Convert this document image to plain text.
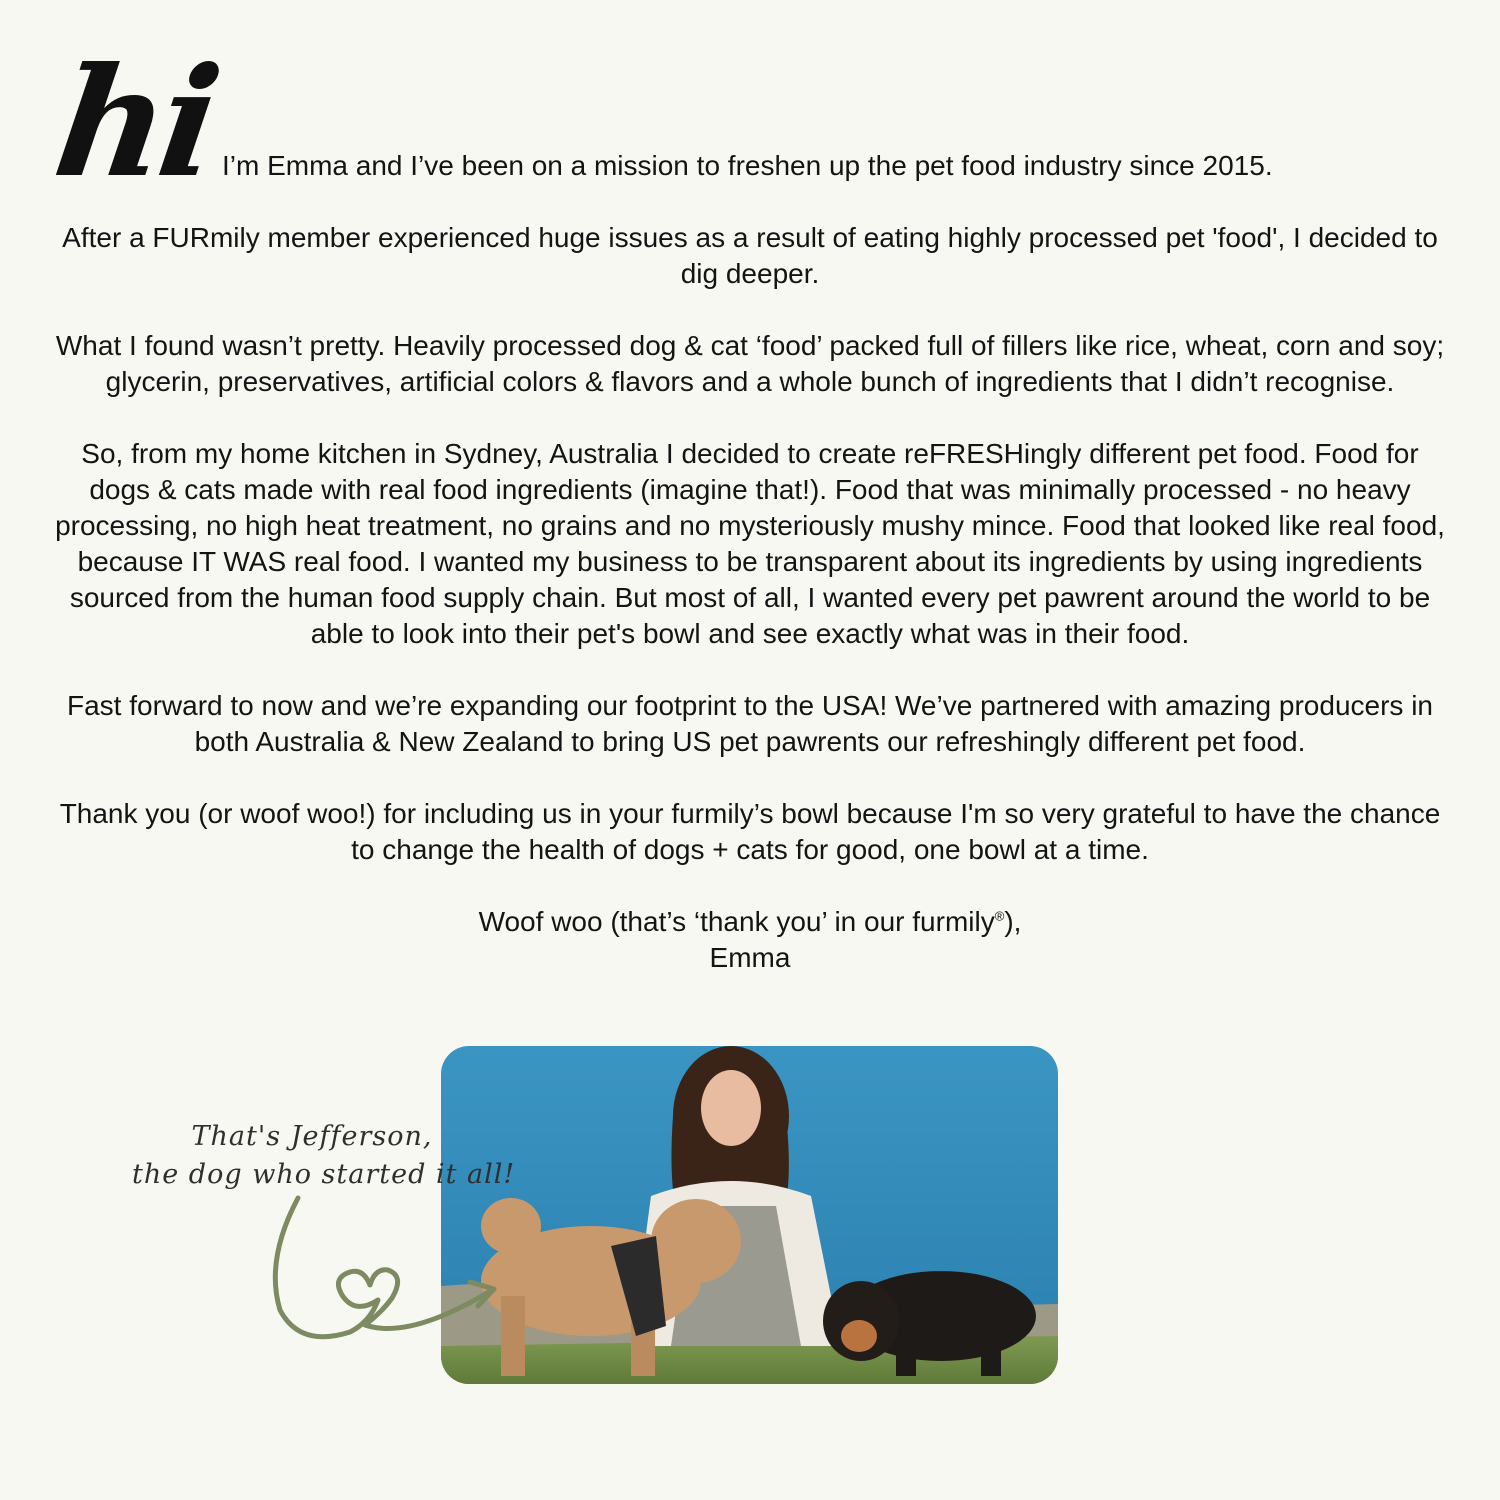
hi
I’m Emma and I’ve been on a mission to freshen up the pet food industry since 2015.

After a FURmily member experienced huge issues as a result of eating highly processed pet 'food', I decided to dig deeper.

What I found wasn’t pretty. Heavily processed dog & cat ‘food’ packed full of fillers like rice, wheat, corn and soy; glycerin, preservatives, artificial colors & flavors and a whole bunch of ingredients that I didn’t recognise.

So, from my home kitchen in Sydney, Australia I decided to create reFRESHingly different pet food. Food for dogs & cats made with real food ingredients (imagine that!). Food that was minimally processed - no heavy processing, no high heat treatment, no grains and no mysteriously mushy mince. Food that looked like real food, because IT WAS real food. I wanted my business to be transparent about its ingredients by using ingredients sourced from the human food supply chain. But most of all, I wanted every pet pawrent around the world to be able to look into their pet's bowl and see exactly what was in their food.

Fast forward to now and we’re expanding our footprint to the USA! We’ve partnered with amazing producers in both Australia & New Zealand to bring US pet pawrents our refreshingly different pet food.

Thank you (or woof woo!) for including us in your furmily’s bowl because I'm so very grateful to have the chance to change the health of dogs + cats for good, one bowl at a time.

Woof woo (that’s ‘thank you’ in our furmily®),
Emma

That's Jefferson,
the dog who started it all!
